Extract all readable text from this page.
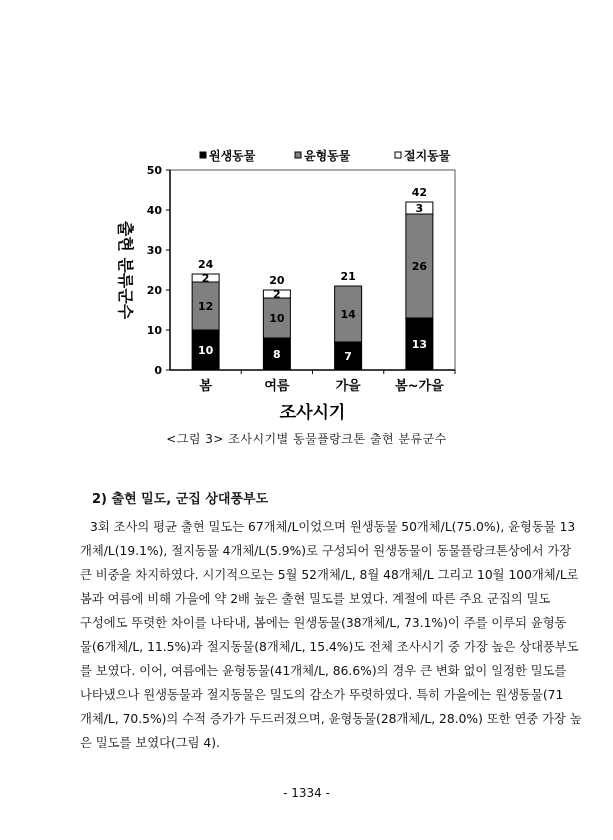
0
10
20
30
40
50
10
12
2
24
봄
8
10
2
20
여름
7
14
21
가을
13
26
3
42
봄~가을
조사시기
출현 분류군수
원생동물	윤형동물	절지동물
<그림 3> 조사시기별 동물플랑크톤 출현 분류군수
2) 출현 밀도, 군집 상대풍부도
3회 조사의 평균 출현 밀도는 67개체/L이었으며 원생동물 50개체/L(75.0%), 윤형동물 13
개체/L(19.1%), 절지동물 4개체/L(5.9%)로 구성되어 원생동물이 동물플랑크톤상에서 가장
큰 비중을 차지하였다. 시기적으로는 5월 52개체/L, 8월 48개체/L 그리고 10월 100개체/L로
봄과 여름에 비해 가을에 약 2배 높은 출현 밀도를 보였다. 계절에 따른 주요 군집의 밀도
구성에도 뚜렷한 차이를 나타내, 봄에는 원생동물(38개체/L, 73.1%)이 주를 이루되 윤형동
물(6개체/L, 11.5%)과 절지동물(8개체/L, 15.4%)도 전체 조사시기 중 가장 높은 상대풍부도
를 보였다. 이어, 여름에는 윤형동물(41개체/L, 86.6%)의 경우 큰 변화 없이 일정한 밀도를
나타냈으나 원생동물과 절지동물은 밀도의 감소가 뚜렷하였다. 특히 가을에는 원생동물(71
개체/L, 70.5%)의 수적 증가가 두드러졌으며, 윤형동물(28개체/L, 28.0%) 또한 연중 가장 높
은 밀도를 보였다(그림 4).
- 1334 -
